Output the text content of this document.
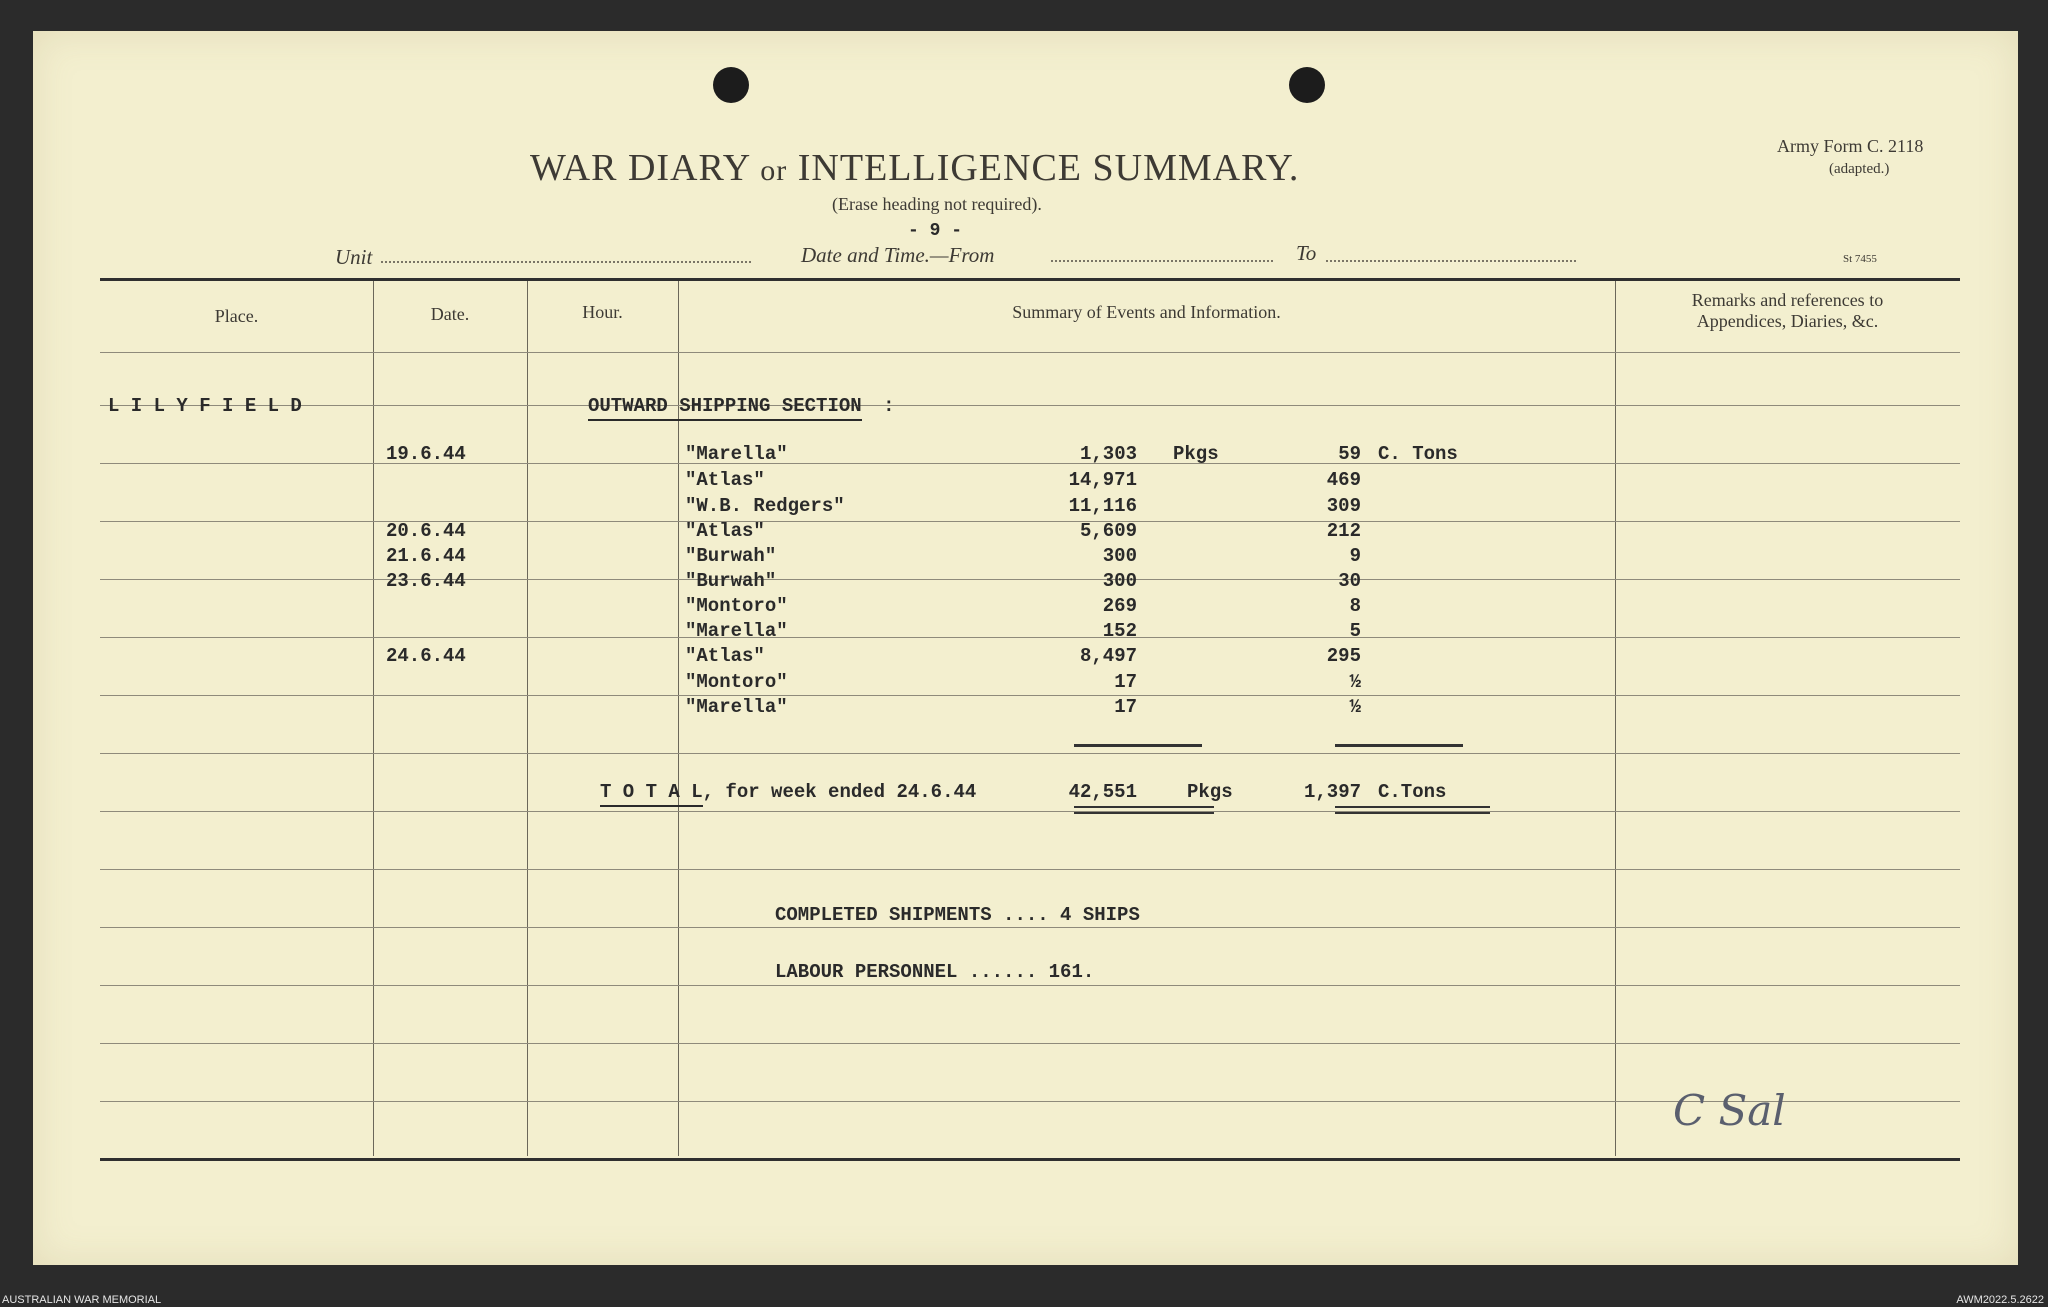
WAR DIARY or INTELLIGENCE SUMMARY.
(Erase heading not required).
- 9 -
Army Form C. 2118
(adapted.)
St 7455
Unit	Date and Time.—From	To
Place.	Date.	Hour.	Summary of Events and Information.
Remarks and references to
Appendices, Diaries, &c.
L I L Y F I E L D	OUTWARD SHIPPING SECTION :
19.6.44	"Marella"	1,303 Pkgs	59 C. Tons
"Atlas"	14,971	469
"W.B. Redgers"	11,116	309
20.6.44	"Atlas"	5,609	212
21.6.44	"Burwah"	300	9
23.6.44	"Burwah"	300	30
"Montoro"	269	8
"Marella"	152	5
24.6.44	"Atlas"	8,497	295
"Montoro"	17	½
"Marella"	17	½
T O T A L, for week ended 24.6.44	42,551	Pkgs	1,397 C.Tons
COMPLETED SHIPMENTS .... 4 SHIPS
LABOUR PERSONNEL ...... 161.
C Sal
AUSTRALIAN WAR MEMORIAL	AWM2022.5.2622
